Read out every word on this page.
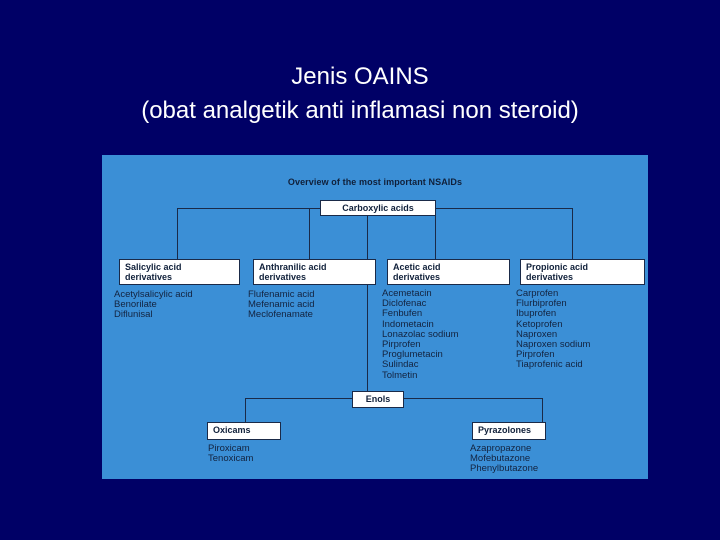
Jenis OAINS
(obat analgetik anti inflamasi non steroid)
Overview of the most important NSAIDs
Carboxylic acids
Salicylic acid
derivatives
Anthranilic acid
derivatives
Acetic acid
derivatives
Propionic acid
derivatives
Acetylsalicylic acid
Benorilate
Diflunisal
Flufenamic acid
Mefenamic acid
Meclofenamate
Acemetacin
Diclofenac
Fenbufen
Indometacin
Lonazolac sodium
Pirprofen
Proglumetacin
Sulindac
Tolmetin
Carprofen
Flurbiprofen
Ibuprofen
Ketoprofen
Naproxen
Naproxen sodium
Pirprofen
Tiaprofenic acid
Enols
Oxicams
Piroxicam
Tenoxicam
Pyrazolones
Azapropazone
Mofebutazone
Phenylbutazone
